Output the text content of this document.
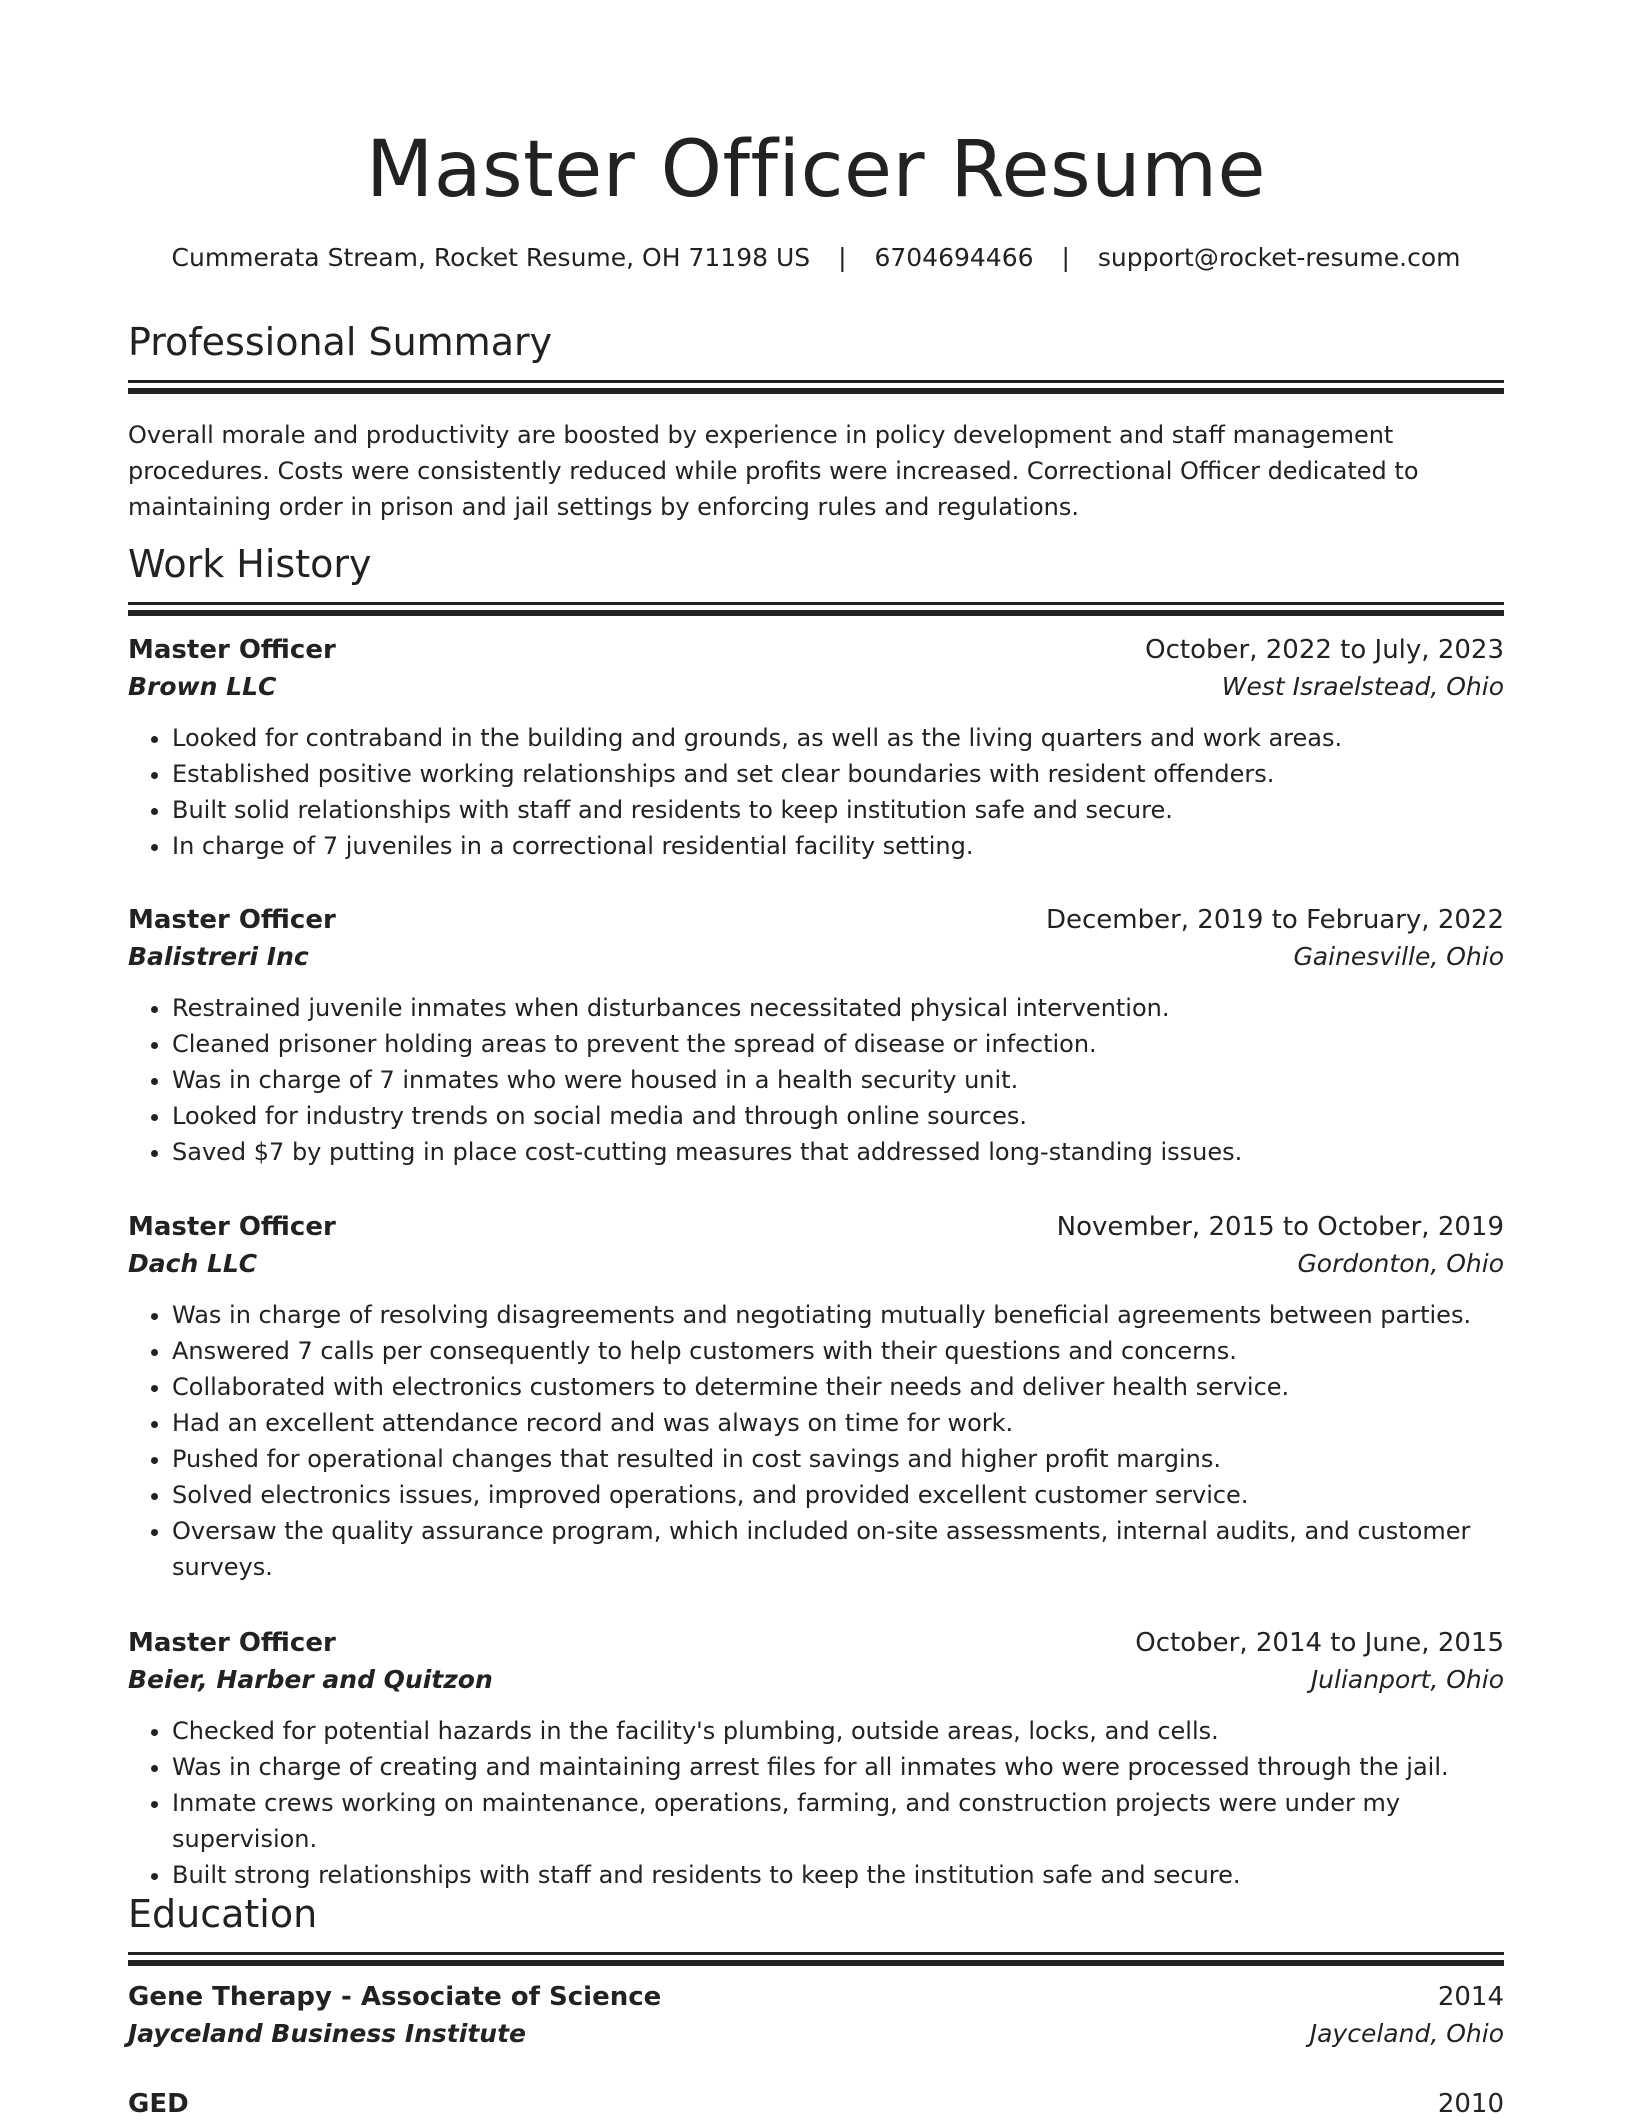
Master Officer Resume
Cummerata Stream, Rocket Resume, OH 71198 US | 6704694466 | support@rocket-resume.com
Professional Summary
Overall morale and productivity are boosted by experience in policy development and staff management procedures. Costs were consistently reduced while profits were increased. Correctional Officer dedicated to maintaining order in prison and jail settings by enforcing rules and regulations.
Work History
Master Officer	October, 2022 to July, 2023
Brown LLC	West Israelstead, Ohio
• Looked for contraband in the building and grounds, as well as the living quarters and work areas.
• Established positive working relationships and set clear boundaries with resident offenders.
• Built solid relationships with staff and residents to keep institution safe and secure.
• In charge of 7 juveniles in a correctional residential facility setting.
Master Officer	December, 2019 to February, 2022
Balistreri Inc	Gainesville, Ohio
• Restrained juvenile inmates when disturbances necessitated physical intervention.
• Cleaned prisoner holding areas to prevent the spread of disease or infection.
• Was in charge of 7 inmates who were housed in a health security unit.
• Looked for industry trends on social media and through online sources.
• Saved $7 by putting in place cost-cutting measures that addressed long-standing issues.
Master Officer	November, 2015 to October, 2019
Dach LLC	Gordonton, Ohio
• Was in charge of resolving disagreements and negotiating mutually beneficial agreements between parties.
• Answered 7 calls per consequently to help customers with their questions and concerns.
• Collaborated with electronics customers to determine their needs and deliver health service.
• Had an excellent attendance record and was always on time for work.
• Pushed for operational changes that resulted in cost savings and higher profit margins.
• Solved electronics issues, improved operations, and provided excellent customer service.
• Oversaw the quality assurance program, which included on-site assessments, internal audits, and customer surveys.
Master Officer	October, 2014 to June, 2015
Beier, Harber and Quitzon	Julianport, Ohio
• Checked for potential hazards in the facility's plumbing, outside areas, locks, and cells.
• Was in charge of creating and maintaining arrest files for all inmates who were processed through the jail.
• Inmate crews working on maintenance, operations, farming, and construction projects were under my supervision.
• Built strong relationships with staff and residents to keep the institution safe and secure.
Education
Gene Therapy - Associate of Science	2014
Jayceland Business Institute	Jayceland, Ohio
GED	2010
